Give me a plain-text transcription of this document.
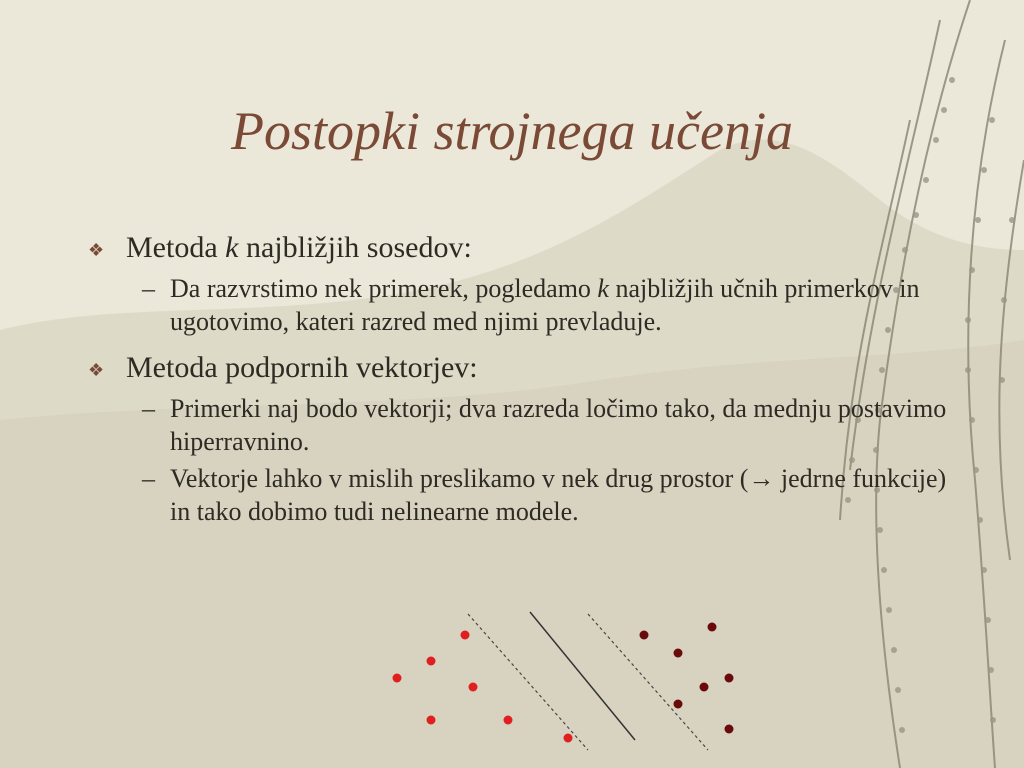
Postopki strojnega učenja
❖ Metoda k najbližjih sosedov:
– Da razvrstimo nek primerek, pogledamo k najbližjih učnih primerkov in ugotovimo, kateri razred med njimi prevladuje.
❖ Metoda podpornih vektorjev:
– Primerki naj bodo vektorji; dva razreda ločimo tako, da mednju postavimo hiperravnino.
– Vektorje lahko v mislih preslikamo v nek drug prostor (→ jedrne funkcije) in tako dobimo tudi nelinearne modele.
